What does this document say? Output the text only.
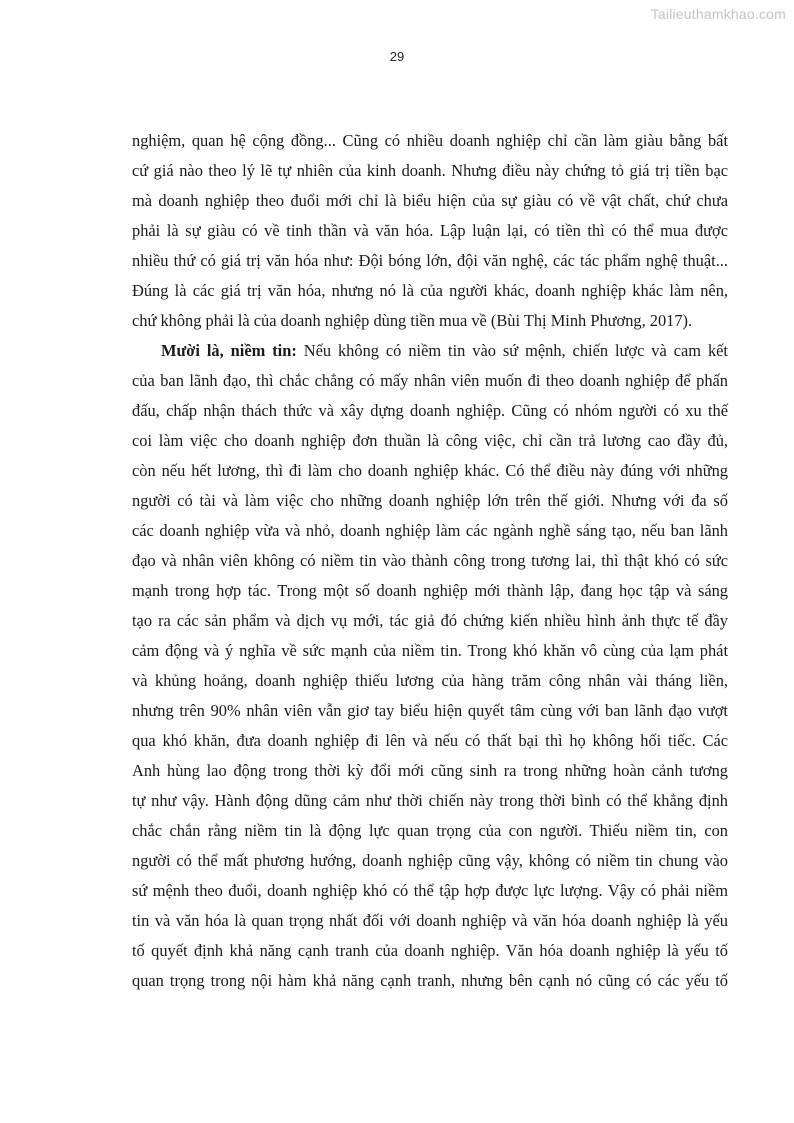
Tailieuthamkhao.com
29
nghiệm, quan hệ cộng đồng... Cũng có nhiều doanh nghiệp chỉ cần làm giàu bằng bất
cứ giá nào theo lý lẽ tự nhiên của kinh doanh. Nhưng điều này chứng tỏ giá trị tiền bạc
mà doanh nghiệp theo đuổi mới chỉ là biểu hiện của sự giàu có về vật chất, chứ chưa
phải là sự giàu có về tinh thần và văn hóa. Lập luận lại, có tiền thì có thể mua được
nhiều thứ có giá trị văn hóa như: Đội bóng lớn, đội văn nghệ, các tác phẩm nghệ thuật...
Đúng là các giá trị văn hóa, nhưng nó là của người khác, doanh nghiệp khác làm nên,
chứ không phải là của doanh nghiệp dùng tiền mua về (Bùi Thị Minh Phương, 2017).
Mười là, niềm tin: Nếu không có niềm tin vào sứ mệnh, chiến lược và cam kết
của ban lãnh đạo, thì chắc chẳng có mấy nhân viên muốn đi theo doanh nghiệp để phấn
đấu, chấp nhận thách thức và xây dựng doanh nghiệp. Cũng có nhóm người có xu thế
coi làm việc cho doanh nghiệp đơn thuần là công việc, chỉ cần trả lương cao đầy đủ,
còn nếu hết lương, thì đi làm cho doanh nghiệp khác. Có thể điều này đúng với những
người có tài và làm việc cho những doanh nghiệp lớn trên thế giới. Nhưng với đa số
các doanh nghiệp vừa và nhỏ, doanh nghiệp làm các ngành nghề sáng tạo, nếu ban lãnh
đạo và nhân viên không có niềm tin vào thành công trong tương lai, thì thật khó có sức
mạnh trong hợp tác. Trong một số doanh nghiệp mới thành lập, đang học tập và sáng
tạo ra các sản phẩm và dịch vụ mới, tác giả đó chứng kiến nhiều hình ảnh thực tế đầy
cảm động và ý nghĩa về sức mạnh của niềm tin. Trong khó khăn vô cùng của lạm phát
và khủng hoảng, doanh nghiệp thiếu lương của hàng trăm công nhân vài tháng liền,
nhưng trên 90% nhân viên vẫn giơ tay biểu hiện quyết tâm cùng với ban lãnh đạo vượt
qua khó khăn, đưa doanh nghiệp đi lên và nếu có thất bại thì họ không hối tiếc. Các
Anh hùng lao động trong thời kỳ đổi mới cũng sinh ra trong những hoàn cảnh tương
tự như vậy. Hành động dũng cảm như thời chiến này trong thời bình có thể khẳng định
chắc chắn rằng niềm tin là động lực quan trọng của con người. Thiếu niềm tin, con
người có thể mất phương hướng, doanh nghiệp cũng vậy, không có niềm tin chung vào
sứ mệnh theo đuổi, doanh nghiệp khó có thể tập hợp được lực lượng. Vậy có phải niềm
tin và văn hóa là quan trọng nhất đối với doanh nghiệp và văn hóa doanh nghiệp là yếu
tố quyết định khả năng cạnh tranh của doanh nghiệp. Văn hóa doanh nghiệp là yếu tố
quan trọng trong nội hàm khả năng cạnh tranh, nhưng bên cạnh nó cũng có các yếu tố
